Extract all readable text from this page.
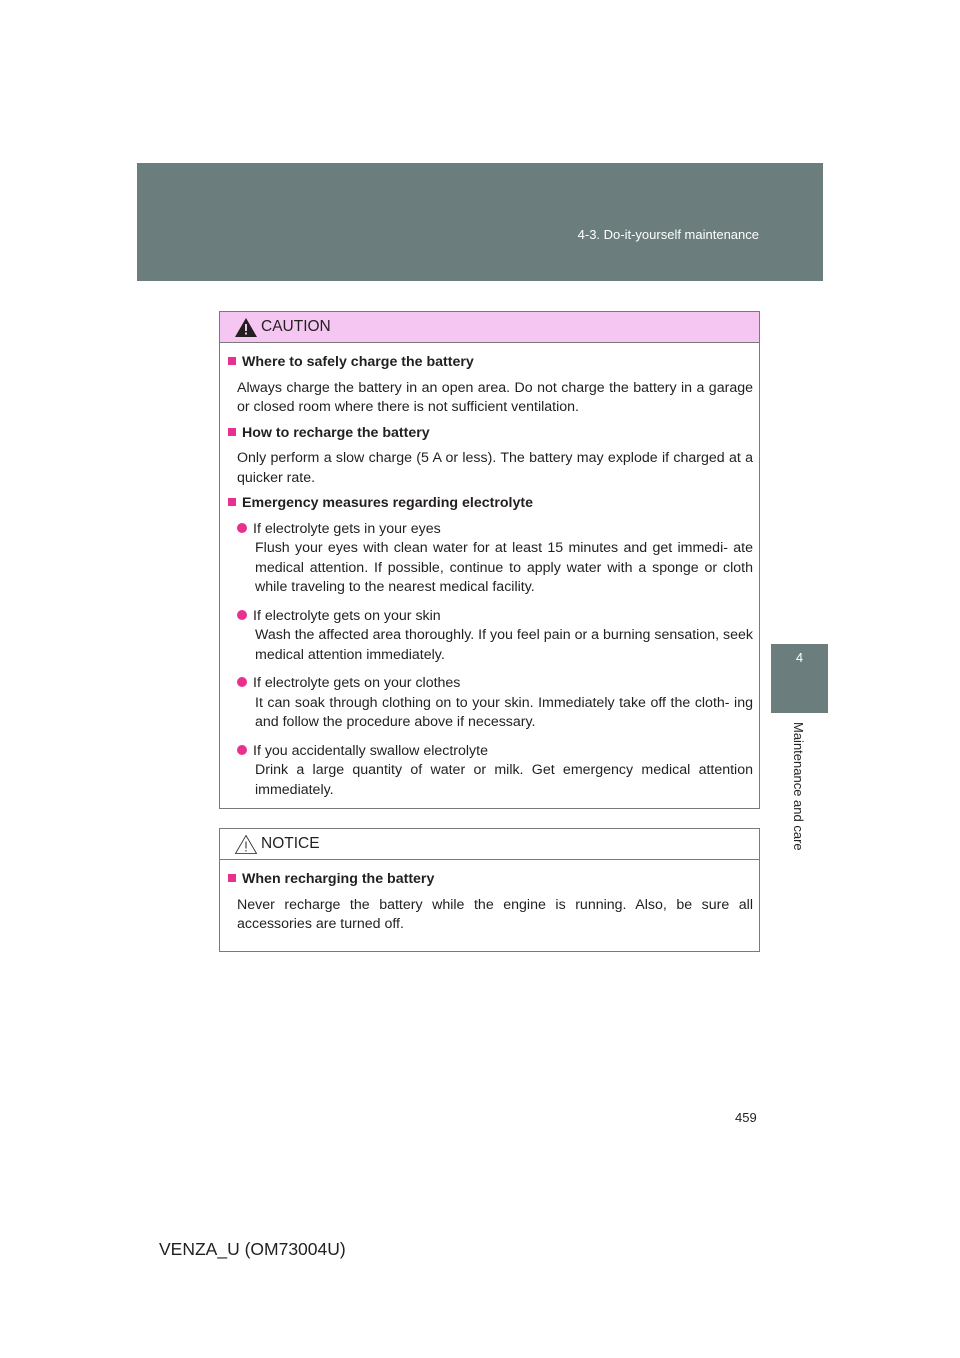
4-3. Do-it-yourself maintenance
4
Maintenance and care
CAUTION
Where to safely charge the battery
Always charge the battery in an open area. Do not charge the battery in a garage or closed room where there is not sufficient ventilation.
How to recharge the battery
Only perform a slow charge (5 A or less). The battery may explode if charged at a quicker rate.
Emergency measures regarding electrolyte
If electrolyte gets in your eyes
Flush your eyes with clean water for at least 15 minutes and get immedi- ate medical attention. If possible, continue to apply water with a sponge or cloth while traveling to the nearest medical facility.
If electrolyte gets on your skin
Wash the affected area thoroughly. If you feel pain or a burning sensation, seek medical attention immediately.
If electrolyte gets on your clothes
It can soak through clothing on to your skin. Immediately take off the cloth- ing and follow the procedure above if necessary.
If you accidentally swallow electrolyte
Drink a large quantity of water or milk. Get emergency medical attention immediately.
NOTICE
When recharging the battery
Never recharge the battery while the engine is running. Also, be sure all accessories are turned off.
459
VENZA_U (OM73004U)
